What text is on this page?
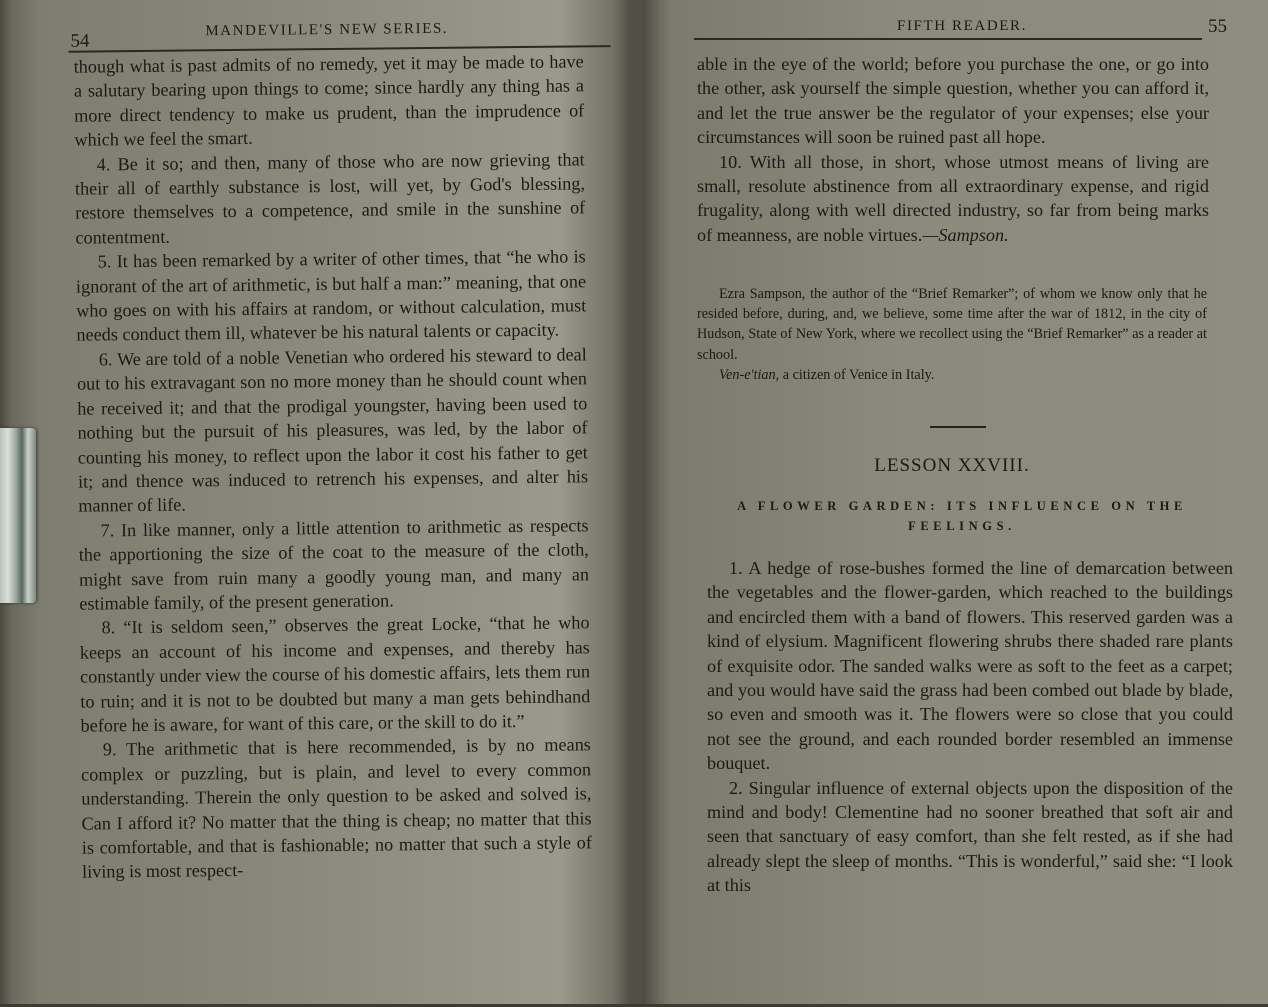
54
MANDEVILLE'S NEW SERIES.

though what is past admits of no remedy, yet it may be made to have a salutary bearing upon things to come; since hardly any thing has a more direct tendency to make us prudent, than the imprudence of which we feel the smart.

4. Be it so; and then, many of those who are now grieving that their all of earthly substance is lost, will yet, by God's blessing, restore themselves to a competence, and smile in the sunshine of contentment.

5. It has been remarked by a writer of other times, that “he who is ignorant of the art of arithmetic, is but half a man:” meaning, that one who goes on with his affairs at random, or without calculation, must needs conduct them ill, whatever be his natural talents or capacity.

6. We are told of a noble Venetian who ordered his steward to deal out to his extravagant son no more money than he should count when he received it; and that the prodigal youngster, having been used to nothing but the pursuit of his pleasures, was led, by the labor of counting his money, to reflect upon the labor it cost his father to get it; and thence was induced to retrench his expenses, and alter his manner of life.

7. In like manner, only a little attention to arithmetic as respects the apportioning the size of the coat to the measure of the cloth, might save from ruin many a goodly young man, and many an estimable family, of the present generation.

8. “It is seldom seen,” observes the great Locke, “that he who keeps an account of his income and expenses, and thereby has constantly under view the course of his domestic affairs, lets them run to ruin; and it is not to be doubted but many a man gets behindhand before he is aware, for want of this care, or the skill to do it.”

9. The arithmetic that is here recommended, is by no means complex or puzzling, but is plain, and level to every common understanding. Therein the only question to be asked and solved is, Can I afford it? No matter that the thing is cheap; no matter that this is comfortable, and that is fashionable; no matter that such a style of living is most respect-

FIFTH READER.	55

able in the eye of the world; before you purchase the one, or go into the other, ask yourself the simple question, whether you can afford it, and let the true answer be the regulator of your expenses; else your circumstances will soon be ruined past all hope.

10. With all those, in short, whose utmost means of living are small, resolute abstinence from all extraordinary expense, and rigid frugality, along with well directed industry, so far from being marks of meanness, are noble virtues.—Sampson.

Ezra Sampson, the author of the “Brief Remarker”; of whom we know only that he resided before, during, and, we believe, some time after the war of 1812, in the city of Hudson, State of New York, where we recollect using the “Brief Remarker” as a reader at school.

Ven-e'tian, a citizen of Venice in Italy.

LESSON XXVIII.
A FLOWER GARDEN: ITS INFLUENCE ON THE FEELINGS.

1. A hedge of rose-bushes formed the line of demarcation between the vegetables and the flower-garden, which reached to the buildings and encircled them with a band of flowers. This reserved garden was a kind of elysium. Magnificent flowering shrubs there shaded rare plants of exquisite odor. The sanded walks were as soft to the feet as a carpet; and you would have said the grass had been combed out blade by blade, so even and smooth was it. The flowers were so close that you could not see the ground, and each rounded border resembled an immense bouquet.

2. Singular influence of external objects upon the disposition of the mind and body! Clementine had no sooner breathed that soft air and seen that sanctuary of easy comfort, than she felt rested, as if she had already slept the sleep of months. “This is wonderful,” said she: “I look at this
